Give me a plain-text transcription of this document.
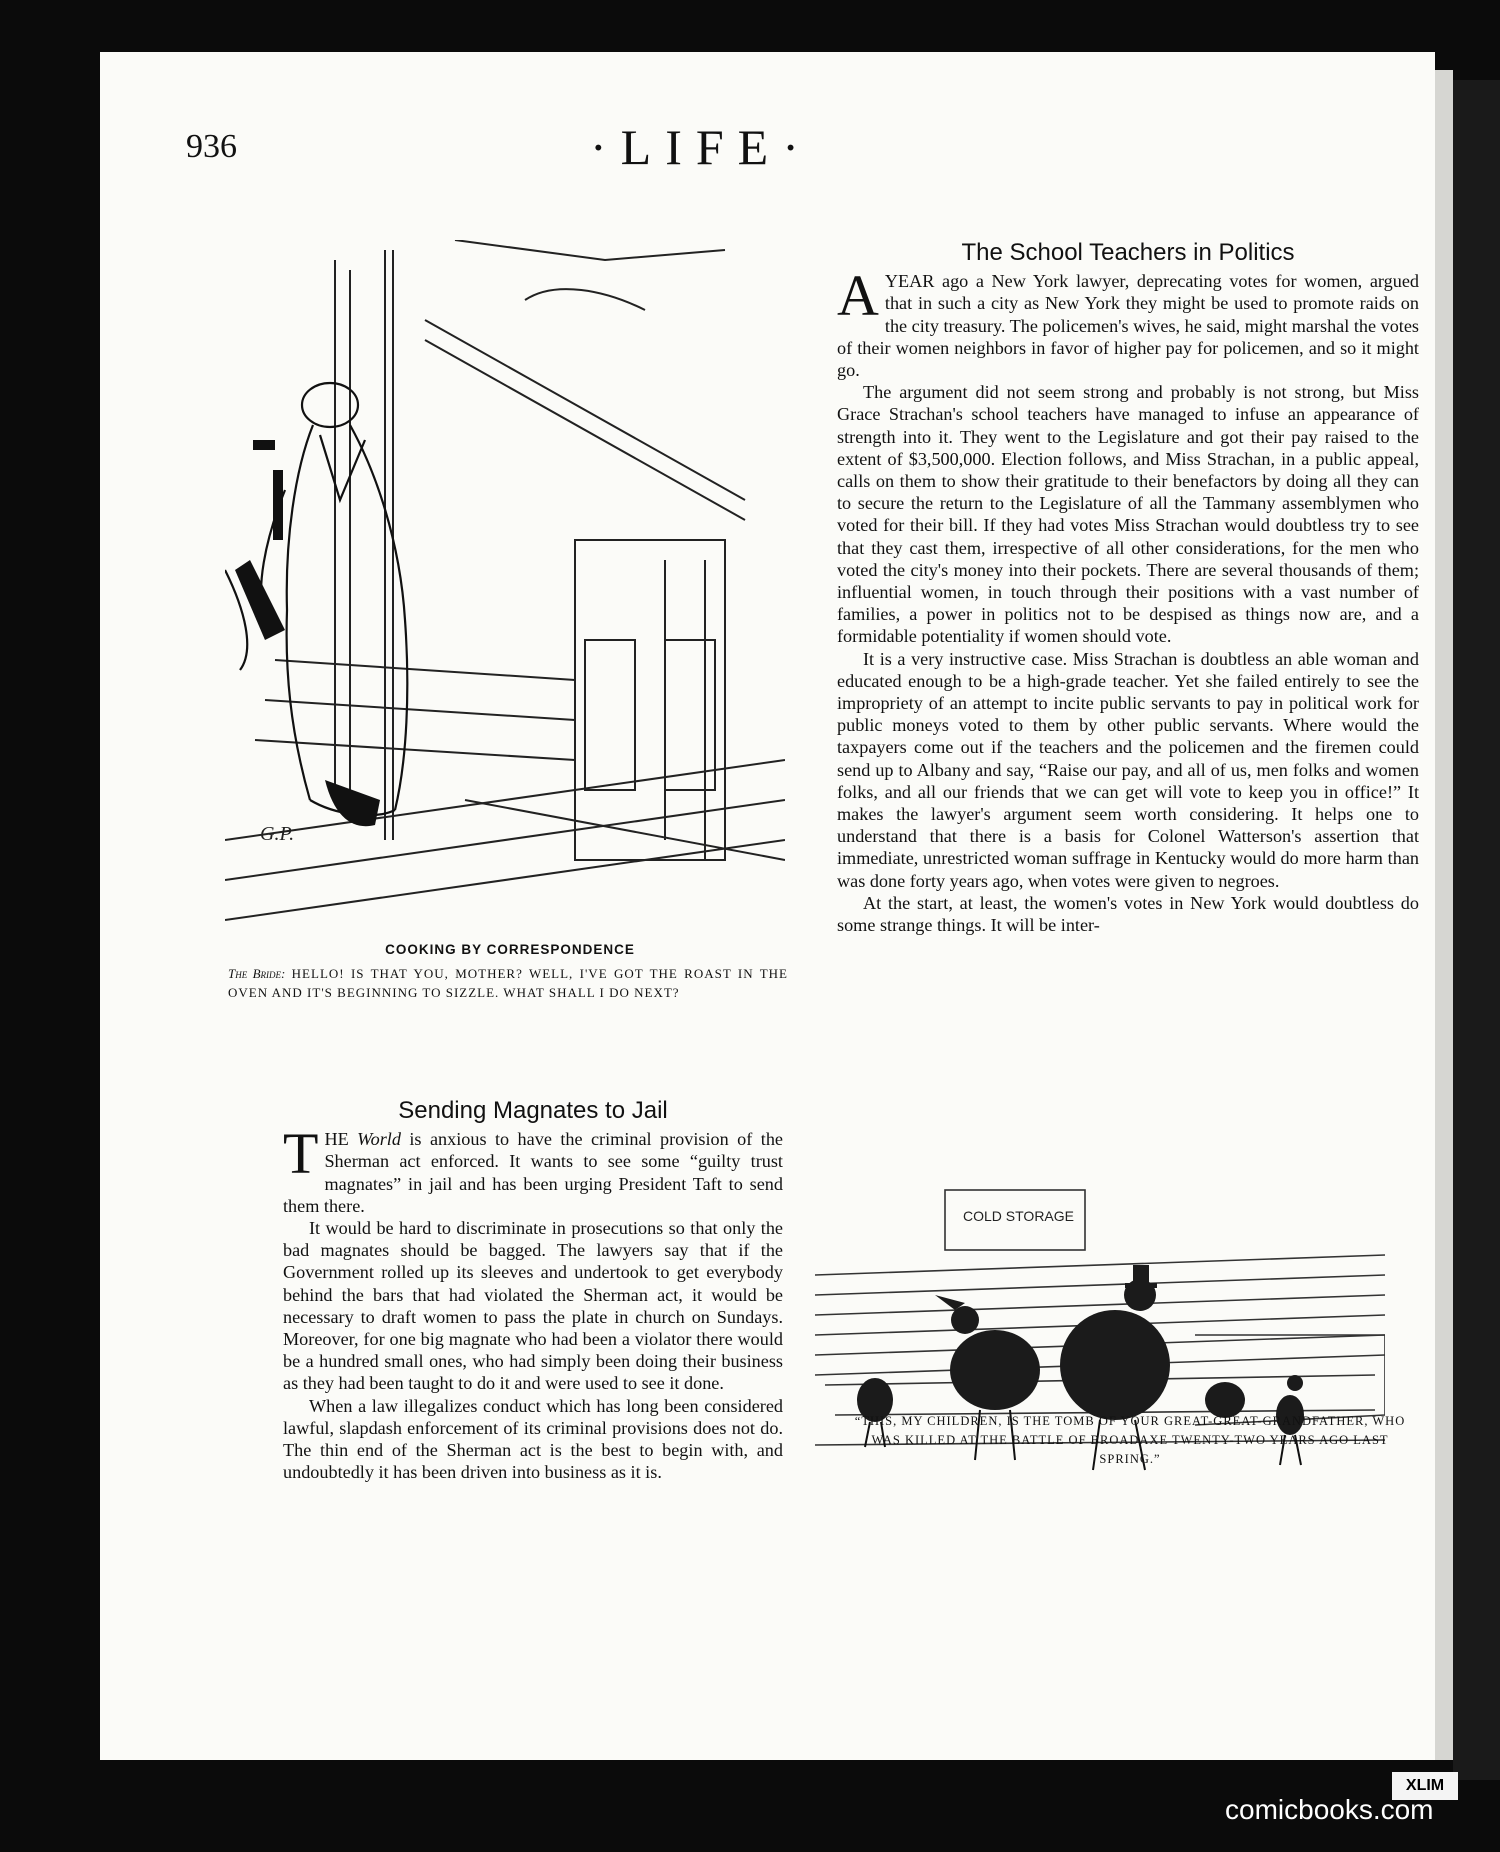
936	·LIFE·
G.P.
COOKING BY CORRESPONDENCE
The Bride: HELLO! IS THAT YOU, MOTHER? WELL, I'VE GOT THE ROAST IN THE OVEN AND IT'S BEGINNING TO SIZZLE. WHAT SHALL I DO NEXT?
Sending Magnates to Jail

THE World is anxious to have the criminal provision of the Sherman act enforced. It wants to see some “guilty trust magnates” in jail and has been urging President Taft to send them there.

It would be hard to discriminate in prosecutions so that only the bad magnates should be bagged. The lawyers say that if the Government rolled up its sleeves and undertook to get everybody behind the bars that had violated the Sherman act, it would be necessary to draft women to pass the plate in church on Sundays. Moreover, for one big magnate who had been a violator there would be a hundred small ones, who had simply been doing their business as they had been taught to do it and were used to see it done.

When a law illegalizes conduct which has long been considered lawful, slapdash enforcement of its criminal provisions does not do. The thin end of the Sherman act is the best to begin with, and undoubtedly it has been driven into business as it is.

The School Teachers in Politics

AYEAR ago a New York lawyer, deprecating votes for women, argued that in such a city as New York they might be used to promote raids on the city treasury. The policemen's wives, he said, might marshal the votes of their women neighbors in favor of higher pay for policemen, and so it might go.

The argument did not seem strong and probably is not strong, but Miss Grace Strachan's school teachers have managed to infuse an appearance of strength into it. They went to the Legislature and got their pay raised to the extent of $3,500,000. Election follows, and Miss Strachan, in a public appeal, calls on them to show their gratitude to their benefactors by doing all they can to secure the return to the Legislature of all the Tammany assemblymen who voted for their bill. If they had votes Miss Strachan would doubtless try to see that they cast them, irrespective of all other considerations, for the men who voted the city's money into their pockets. There are several thousands of them; influential women, in touch through their positions with a vast number of families, a power in politics not to be despised as things now are, and a formidable potentiality if women should vote.

It is a very instructive case. Miss Strachan is doubtless an able woman and educated enough to be a high-grade teacher. Yet she failed entirely to see the impropriety of an attempt to incite public servants to pay in political work for public moneys voted to them by other public servants. Where would the taxpayers come out if the teachers and the policemen and the firemen could send up to Albany and say, “Raise our pay, and all of us, men folks and women folks, and all our friends that we can get will vote to keep you in office!” It makes the lawyer's argument seem worth considering. It helps one to understand that there is a basis for Colonel Watterson's assertion that immediate, unrestricted woman suffrage in Kentucky would do more harm than was done forty years ago, when votes were given to negroes.

At the start, at least, the women's votes in New York would doubtless do some strange things. It will be inter-

COLD STORAGE
“THIS, MY CHILDREN, IS THE TOMB OF YOUR GREAT-GREAT-GRANDFATHER, WHO WAS KILLED AT THE BATTLE OF BROADAXE TWENTY-TWO YEARS AGO LAST SPRING.”
XLIM
comicbooks.com
